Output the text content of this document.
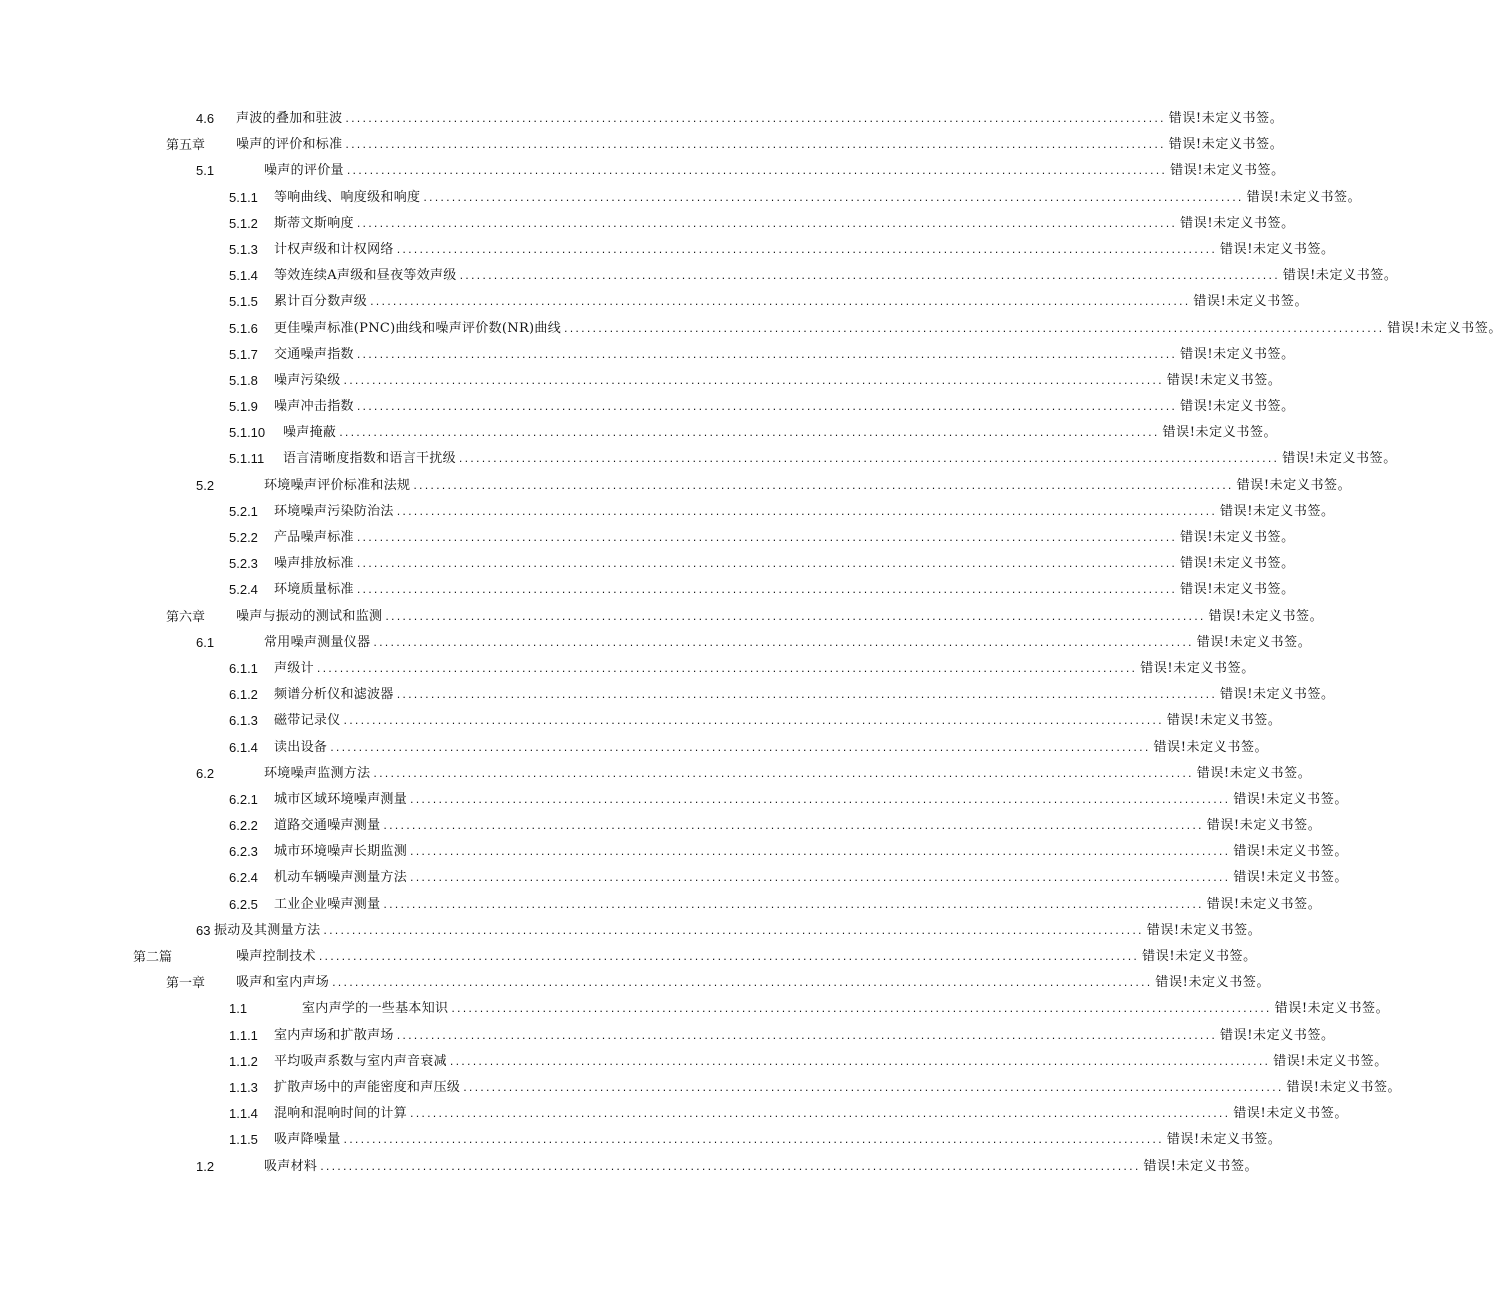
4.6 声波的叠加和驻波 ................................................................................................................................................ 错误!未定义书签。
第五章 噪声的评价和标准 ................................................................................................................................................ 错误!未定义书签。
5.1	噪声的评价量 ................................................................................................................................................ 错误!未定义书签。
5.1.1 等响曲线、响度级和响度 ................................................................................................................................................ 错误!未定义书签。
5.1.2 斯蒂文斯响度 ................................................................................................................................................ 错误!未定义书签。
5.1.3 计权声级和计权网络 ................................................................................................................................................ 错误!未定义书签。
5.1.4 等效连续A声级和昼夜等效声级 ................................................................................................................................................ 错误!未定义书签。
5.1.5 累计百分数声级 ................................................................................................................................................ 错误!未定义书签。
5.1.6 更佳噪声标准(PNC)曲线和噪声评价数(NR)曲线 ................................................................................................................................................ 错误!未定义书签。
5.1.7 交通噪声指数 ................................................................................................................................................ 错误!未定义书签。
5.1.8 噪声污染级 ................................................................................................................................................ 错误!未定义书签。
5.1.9 噪声冲击指数 ................................................................................................................................................ 错误!未定义书签。
5.1.10 噪声掩蔽 ................................................................................................................................................ 错误!未定义书签。
5.1.11 语言清晰度指数和语言干扰级 ................................................................................................................................................ 错误!未定义书签。
5.2	环境噪声评价标准和法规 ................................................................................................................................................ 错误!未定义书签。
5.2.1 环境噪声污染防治法 ................................................................................................................................................ 错误!未定义书签。
5.2.2 产品噪声标准 ................................................................................................................................................ 错误!未定义书签。
5.2.3 噪声排放标准 ................................................................................................................................................ 错误!未定义书签。
5.2.4 环境质量标准 ................................................................................................................................................ 错误!未定义书签。
第六章 噪声与振动的测试和监测 ................................................................................................................................................ 错误!未定义书签。
6.1	常用噪声测量仪器 ................................................................................................................................................ 错误!未定义书签。
6.1.1 声级计 ................................................................................................................................................ 错误!未定义书签。
6.1.2 频谱分析仪和滤波器 ................................................................................................................................................ 错误!未定义书签。
6.1.3 磁带记录仪 ................................................................................................................................................ 错误!未定义书签。
6.1.4 读出设备 ................................................................................................................................................ 错误!未定义书签。
6.2	环境噪声监测方法 ................................................................................................................................................ 错误!未定义书签。
6.2.1 城市区域环境噪声测量 ................................................................................................................................................ 错误!未定义书签。
6.2.2 道路交通噪声测量 ................................................................................................................................................ 错误!未定义书签。
6.2.3 城市环境噪声长期监测 ................................................................................................................................................ 错误!未定义书签。
6.2.4 机动车辆噪声测量方法 ................................................................................................................................................ 错误!未定义书签。
6.2.5 工业企业噪声测量 ................................................................................................................................................ 错误!未定义书签。
63 振动及其测量方法 ................................................................................................................................................ 错误!未定义书签。
第二篇	噪声控制技术 ................................................................................................................................................ 错误!未定义书签。
第一章 吸声和室内声场 ................................................................................................................................................ 错误!未定义书签。
1.1	室内声学的一些基本知识 ................................................................................................................................................ 错误!未定义书签。
1.1.1 室内声场和扩散声场 ................................................................................................................................................ 错误!未定义书签。
1.1.2 平均吸声系数与室内声音衰减 ................................................................................................................................................ 错误!未定义书签。
1.1.3 扩散声场中的声能密度和声压级 ................................................................................................................................................ 错误!未定义书签。
1.1.4 混响和混响时间的计算 ................................................................................................................................................ 错误!未定义书签。
1.1.5 吸声降噪量 ................................................................................................................................................ 错误!未定义书签。
1.2	吸声材料 ................................................................................................................................................ 错误!未定义书签。
